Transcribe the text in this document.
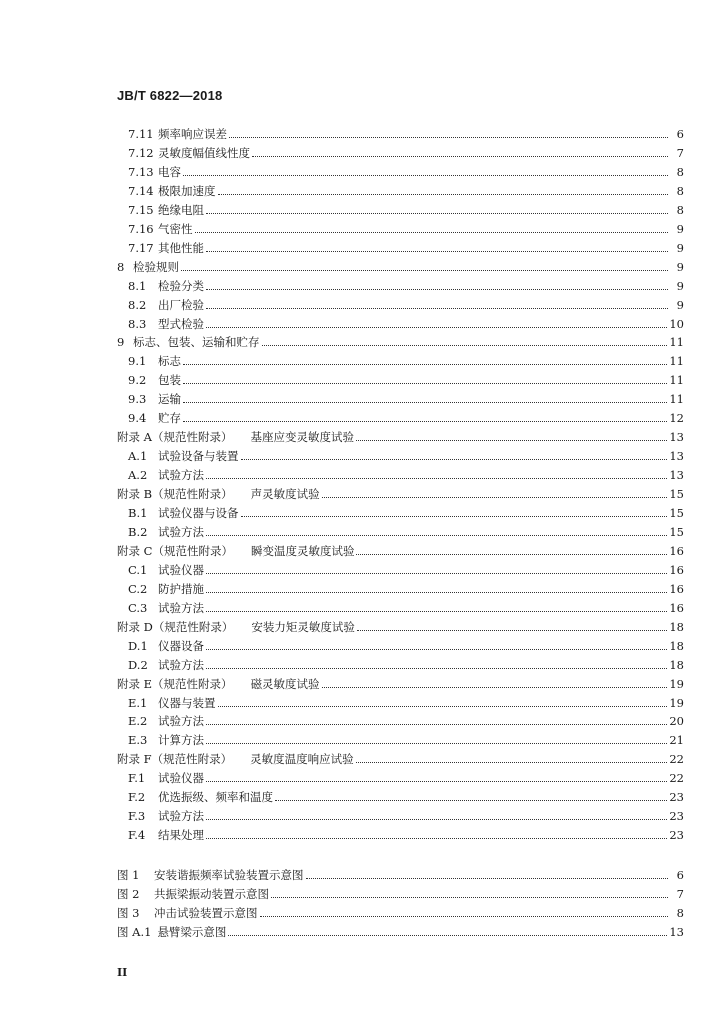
JB/T 6822—2018
7.11 频率响应误差	6
7.12 灵敏度幅值线性度	7
7.13 电容	8
7.14 极限加速度	8
7.15 绝缘电阻	8
7.16 气密性	9
7.17 其他性能	9
8 检验规则	9
8.1	检验分类	9
8.2	出厂检验	9
8.3	型式检验	10
9 标志、包装、运输和贮存	11
9.1	标志	11
9.2	包装	11
9.3	运输	11
9.4	贮存	12
附录 A（规范性附录）	基座应变灵敏度试验	13
A.1 试验设备与装置	13
A.2 试验方法	13
附录 B（规范性附录）	声灵敏度试验	15
B.1 试验仪器与设备	15
B.2 试验方法	15
附录 C（规范性附录）	瞬变温度灵敏度试验	16
C.1 试验仪器	16
C.2 防护措施	16
C.3 试验方法	16
附录 D（规范性附录）	安装力矩灵敏度试验	18
D.1 仪器设备	18
D.2 试验方法	18
附录 E（规范性附录）	磁灵敏度试验	19
E.1 仪器与装置	19
E.2 试验方法	20
E.3 计算方法	21
附录 F（规范性附录）	灵敏度温度响应试验	22
F.1	试验仪器	22
F.2	优选振级、频率和温度	23
F.3	试验方法	23
F.4	结果处理	23
图 1	安装谐振频率试验装置示意图	6
图 2	共振梁振动装置示意图	7
图 3	冲击试验装置示意图	8
图 A.1 悬臂梁示意图	13
II
